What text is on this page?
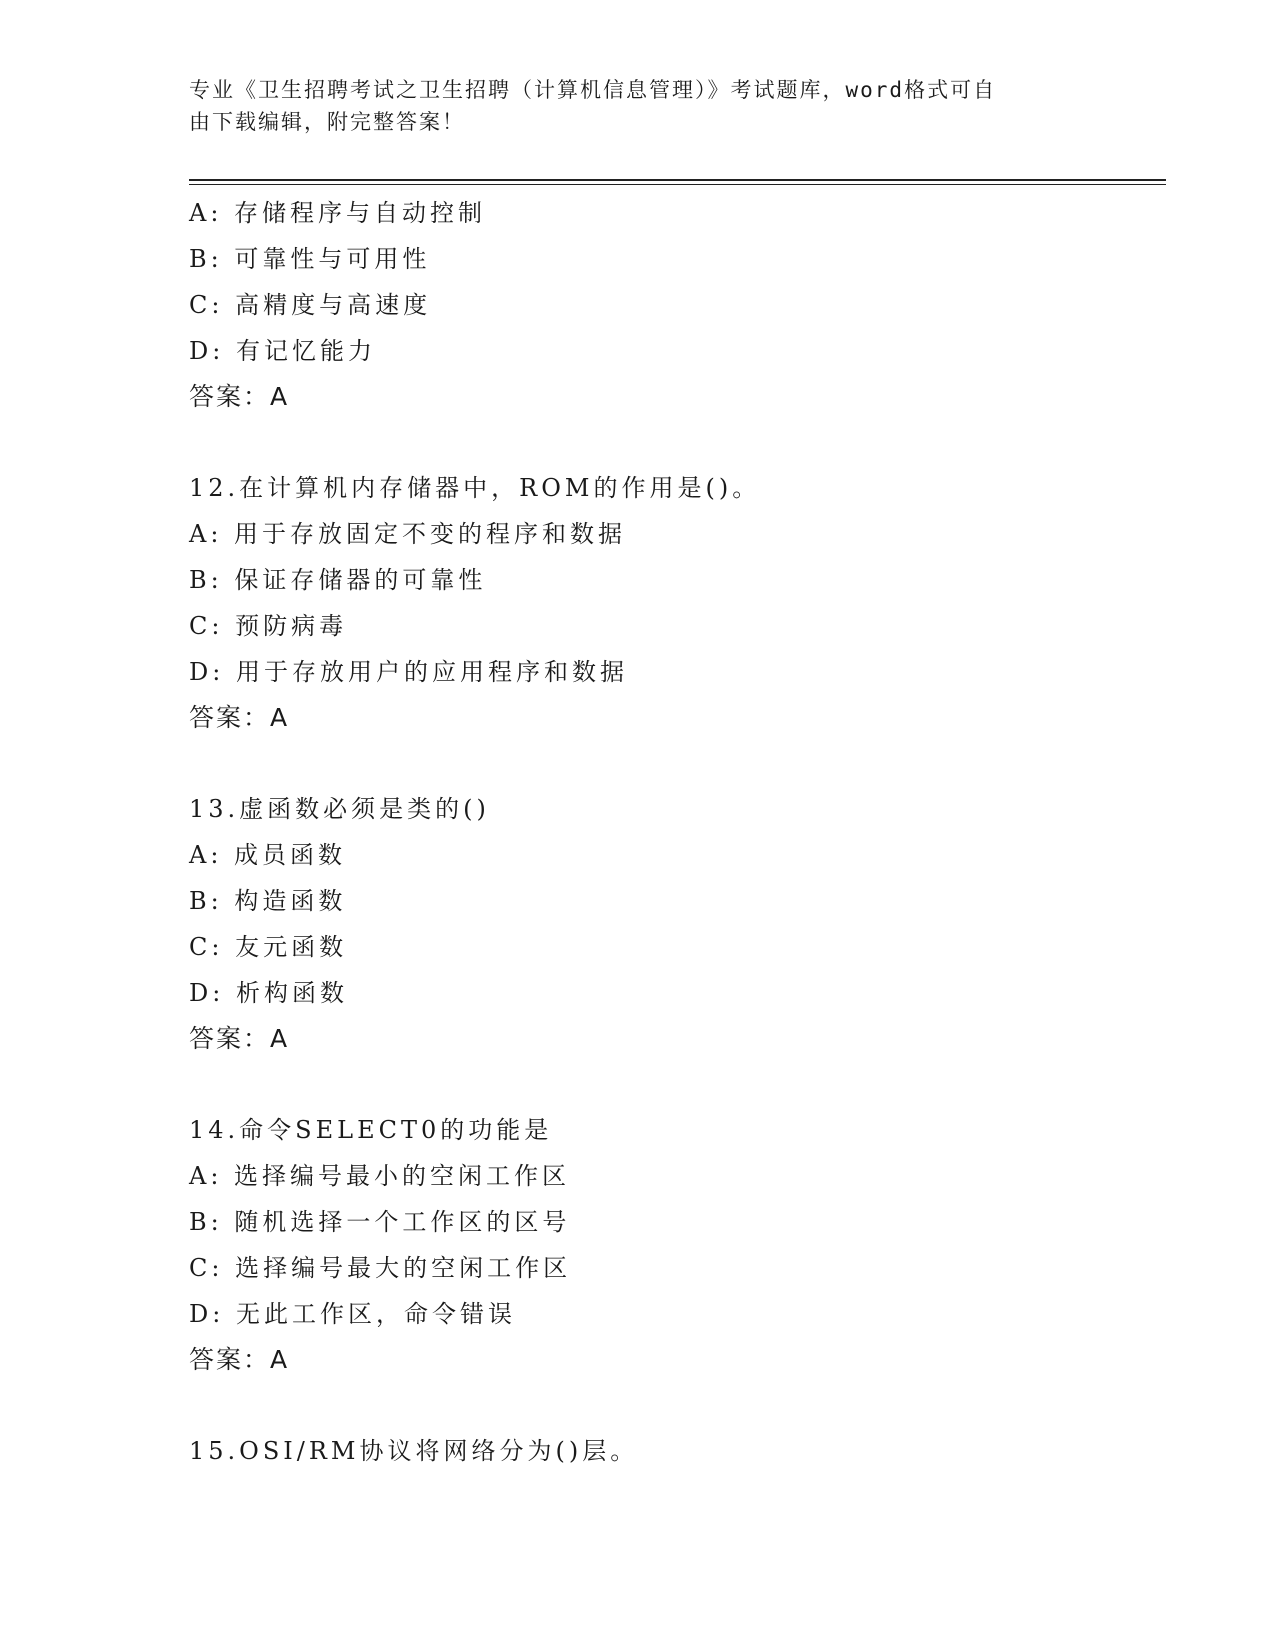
专业《卫生招聘考试之卫生招聘（计算机信息管理）》考试题库，word格式可自
由下载编辑，附完整答案！
A: 存储程序与自动控制
B: 可靠性与可用性
C: 高精度与高速度
D: 有记忆能力
答案：A
12.在计算机内存储器中，ROM的作用是()。
A: 用于存放固定不变的程序和数据
B: 保证存储器的可靠性
C: 预防病毒
D: 用于存放用户的应用程序和数据
答案：A
13.虚函数必须是类的()
A: 成员函数
B: 构造函数
C: 友元函数
D: 析构函数
答案：A
14.命令SELECT0的功能是
A: 选择编号最小的空闲工作区
B: 随机选择一个工作区的区号
C: 选择编号最大的空闲工作区
D: 无此工作区，命令错误
答案：A
15.OSI/RM协议将网络分为()层。
